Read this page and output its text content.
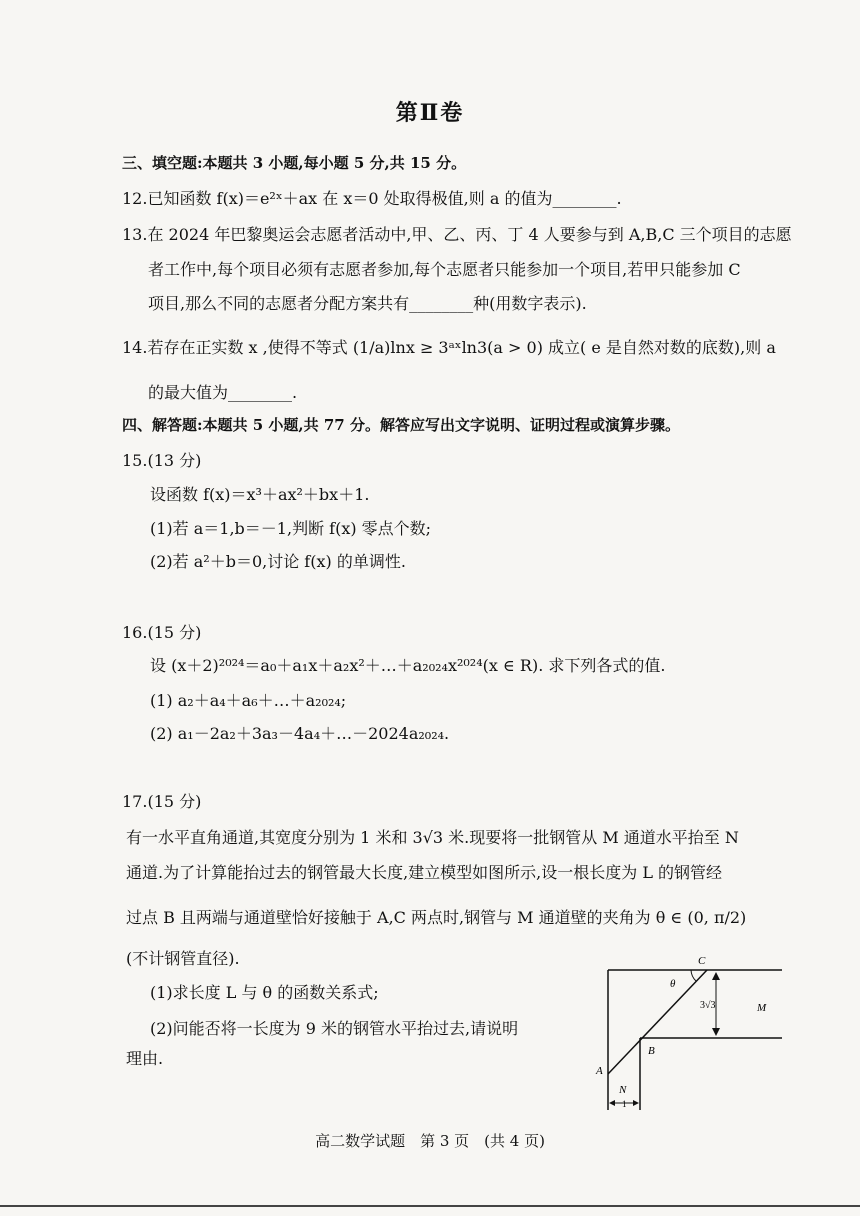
第Ⅱ卷
三、填空题:本题共 3 小题,每小题 5 分,共 15 分。
12.已知函数 f(x)＝e²ˣ＋ax 在 x＝0 处取得极值,则 a 的值为________.
13.在 2024 年巴黎奥运会志愿者活动中,甲、乙、丙、丁 4 人要参与到 A,B,C 三个项目的志愿
者工作中,每个项目必须有志愿者参加,每个志愿者只能参加一个项目,若甲只能参加 C
项目,那么不同的志愿者分配方案共有________种(用数字表示).
14.若存在正实数 x ,使得不等式 (1/a)lnx ≥ 3ᵃˣln3(a > 0) 成立( e 是自然对数的底数),则 a
的最大值为________.
四、解答题:本题共 5 小题,共 77 分。解答应写出文字说明、证明过程或演算步骤。
15.(13 分)
设函数 f(x)＝x³＋ax²＋bx＋1.
(1)若 a＝1,b＝－1,判断 f(x) 零点个数;
(2)若 a²＋b＝0,讨论 f(x) 的单调性.
16.(15 分)
设 (x＋2)²⁰²⁴＝a₀＋a₁x＋a₂x²＋…＋a₂₀₂₄x²⁰²⁴(x ∈ R). 求下列各式的值.
(1) a₂＋a₄＋a₆＋…＋a₂₀₂₄;
(2) a₁－2a₂＋3a₃－4a₄＋…－2024a₂₀₂₄.
17.(15 分)
有一水平直角通道,其宽度分别为 1 米和 3√3 米.现要将一批钢管从 M 通道水平抬至 N
通道.为了计算能抬过去的钢管最大长度,建立模型如图所示,设一根长度为 L 的钢管经
过点 B 且两端与通道壁恰好接触于 A,C 两点时,钢管与 M 通道壁的夹角为 θ ∈ (0, π/2)
(不计钢管直径).
(1)求长度 L 与 θ 的函数关系式;
(2)问能否将一长度为 9 米的钢管水平抬过去,请说明
理由.
C
θ
3√3	M
B
A
N
1
高二数学试题　第 3 页　(共 4 页)
